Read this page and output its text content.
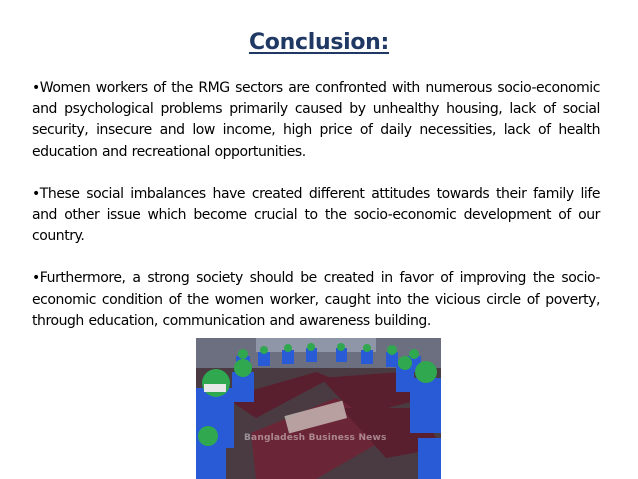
Conclusion:

•Women workers of the RMG sectors are confronted with numerous socio-economic and psychological problems primarily caused by unhealthy housing, lack of social security, insecure and low income, high price of daily necessities, lack of health education and recreational opportunities.

•These social imbalances have created different attitudes towards their family life and other issue which become crucial to the socio-economic development of our country.

•Furthermore, a strong society should be created in favor of improving the socio-economic condition of the women worker, caught into the vicious circle of poverty, through education, communication and awareness building.

Bangladesh Business News
